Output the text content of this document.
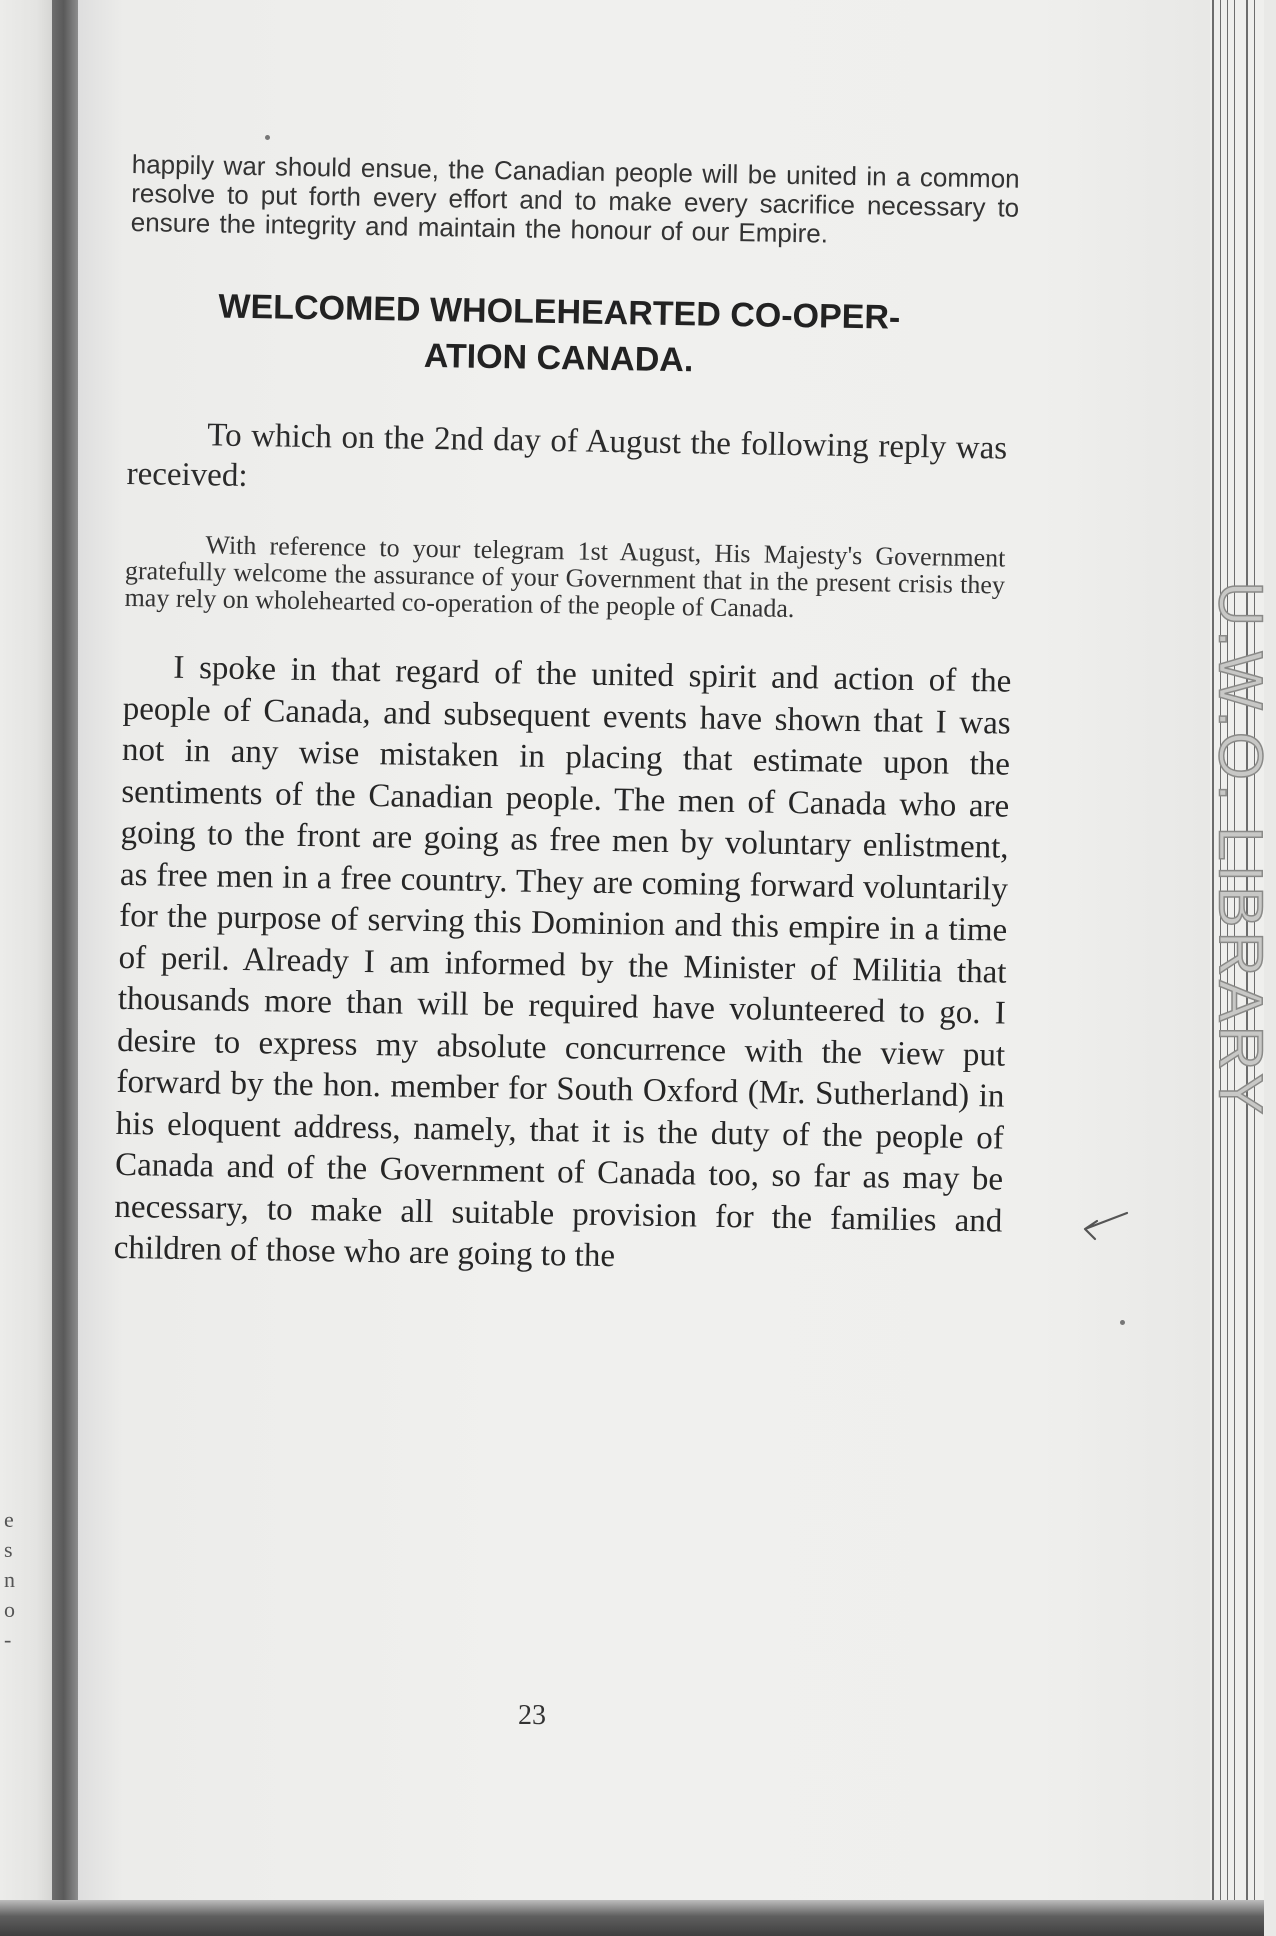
e
s
n
o
-
U.W.O. LIBRARY

happily war should ensue, the Canadian people will be united in a common resolve to put forth every effort and to make every sacrifice necessary to ensure the integrity and maintain the honour of our Empire.

WELCOMED WHOLEHEARTED CO-OPER-
ATION CANADA.

To which on the 2nd day of August the following reply was received:

With reference to your telegram 1st August, His Majesty's Government gratefully welcome the assurance of your Government that in the present crisis they may rely on wholehearted co-operation of the people of Canada.

I spoke in that regard of the united spirit and action of the people of Canada, and subsequent events have shown that I was not in any wise mistaken in placing that estimate upon the sentiments of the Canadian people. The men of Canada who are going to the front are going as free men by voluntary enlistment, as free men in a free country. They are coming forward voluntarily for the purpose of serving this Dominion and this empire in a time of peril. Already I am informed by the Minister of Militia that thousands more than will be required have volunteered to go. I desire to express my absolute concurrence with the view put forward by the hon. member for South Oxford (Mr. Sutherland) in his eloquent address, namely, that it is the duty of the people of Canada and of the Government of Canada too, so far as may be necessary, to make all suitable provision for the families and children of those who are going to the

23
